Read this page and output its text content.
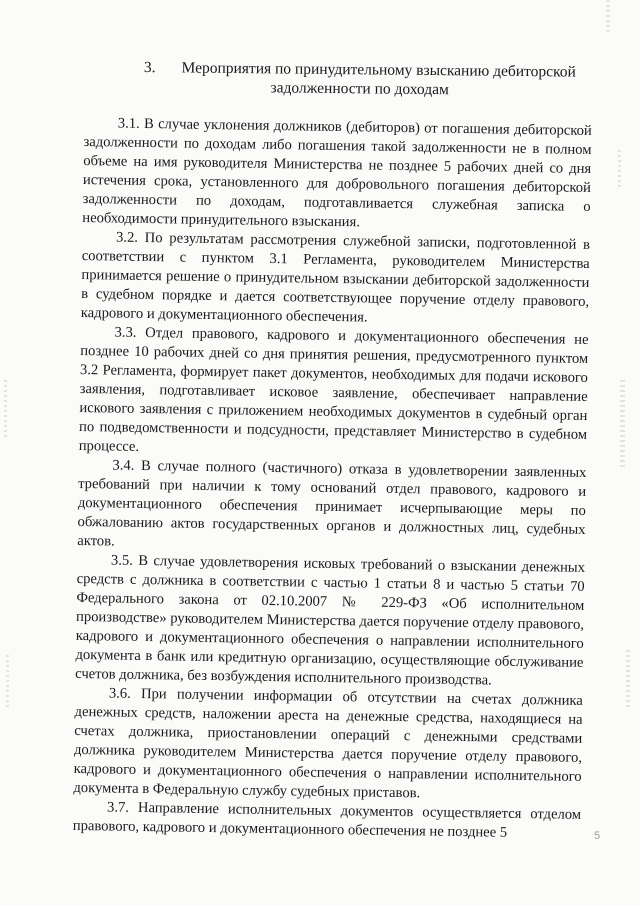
3. Мероприятия по принудительному взысканию дебиторской задолженности по доходам

3.1. В случае уклонения должников (дебиторов) от погашения дебиторской задолженности по доходам либо погашения такой задолженности не в полном объеме на имя руководителя Министерства не позднее 5 рабочих дней со дня истечения срока, установленного для добровольного погашения дебиторской задолженности по доходам, подготавливается служебная записка о необходимости принудительного взыскания.

3.2. По результатам рассмотрения служебной записки, подготовленной в соответствии с пунктом 3.1 Регламента, руководителем Министерства принимается решение о принудительном взыскании дебиторской задолженности в судебном порядке и дается соответствующее поручение отделу правового, кадрового и документационного обеспечения.

3.3. Отдел правового, кадрового и документационного обеспечения не позднее 10 рабочих дней со дня принятия решения, предусмотренного пунктом 3.2 Регламента, формирует пакет документов, необходимых для подачи искового заявления, подготавливает исковое заявление, обеспечивает направление искового заявления с приложением необходимых документов в судебный орган по подведомственности и подсудности, представляет Министерство в судебном процессе.

3.4. В случае полного (частичного) отказа в удовлетворении заявленных требований при наличии к тому оснований отдел правового, кадрового и документационного обеспечения принимает исчерпывающие меры по обжалованию актов государственных органов и должностных лиц, судебных актов.

3.5. В случае удовлетворения исковых требований о взыскании денежных средств с должника в соответствии с частью 1 статьи 8 и частью 5 статьи 70 Федерального закона от 02.10.2007 № 229-ФЗ «Об исполнительном производстве» руководителем Министерства дается поручение отделу правового, кадрового и документационного обеспечения о направлении исполнительного документа в банк или кредитную организацию, осуществляющие обслуживание счетов должника, без возбуждения исполнительного производства.

3.6. При получении информации об отсутствии на счетах должника денежных средств, наложении ареста на денежные средства, находящиеся на счетах должника, приостановлении операций с денежными средствами должника руководителем Министерства дается поручение отделу правового, кадрового и документационного обеспечения о направлении исполнительного документа в Федеральную службу судебных приставов.

3.7. Направление исполнительных документов осуществляется отделом правового, кадрового и документационного обеспечения не позднее 5	5
